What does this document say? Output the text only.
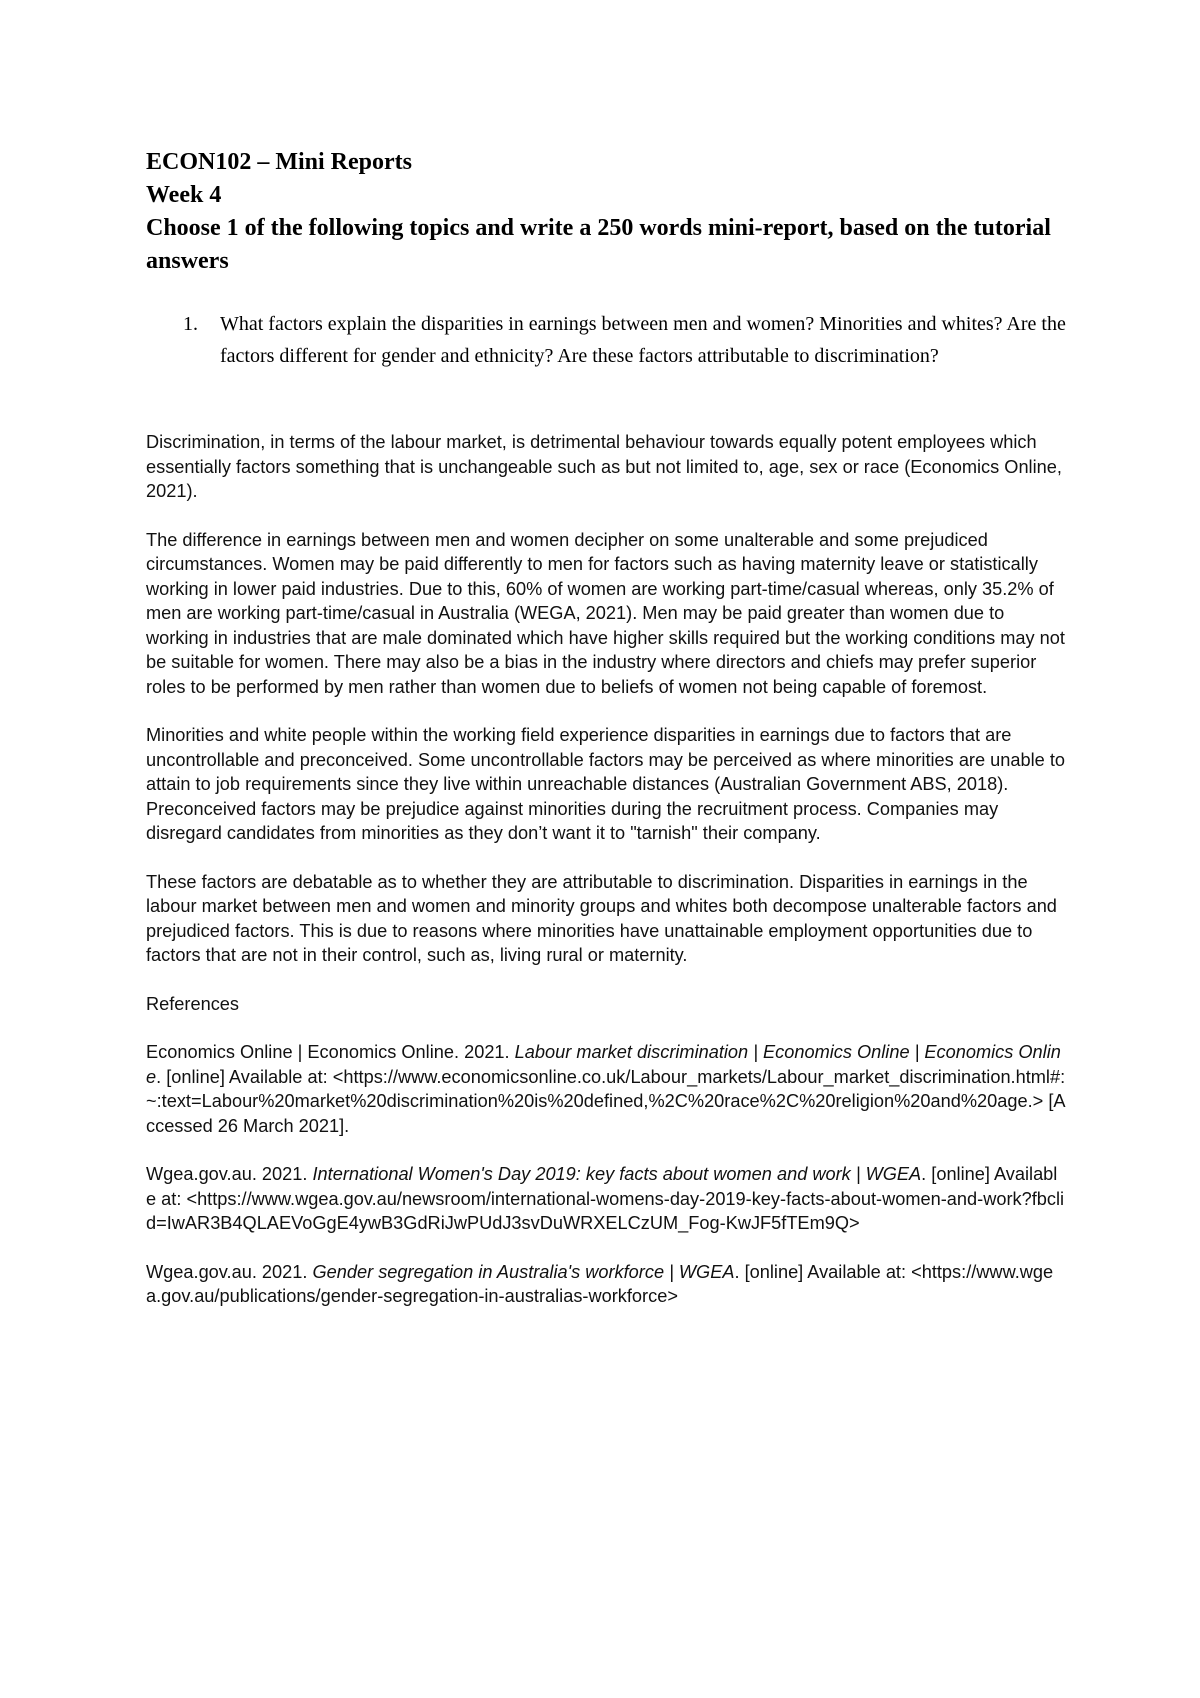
ECON102 – Mini Reports
Week 4
Choose 1 of the following topics and write a 250 words mini-report, based on the tutorial answers
1.	What factors explain the disparities in earnings between men and women? Minorities and whites? Are the factors different for gender and ethnicity? Are these factors attributable to discrimination?

Discrimination, in terms of the labour market, is detrimental behaviour towards equally potent employees which essentially factors something that is unchangeable such as but not limited to, age, sex or race (Economics Online, 2021).

The difference in earnings between men and women decipher on some unalterable and some prejudiced circumstances. Women may be paid differently to men for factors such as having maternity leave or statistically working in lower paid industries. Due to this, 60% of women are working part-time/casual whereas, only 35.2% of men are working part-time/casual in Australia (WEGA, 2021). Men may be paid greater than women due to working in industries that are male dominated which have higher skills required but the working conditions may not be suitable for women. There may also be a bias in the industry where directors and chiefs may prefer superior roles to be performed by men rather than women due to beliefs of women not being capable of foremost.

Minorities and white people within the working field experience disparities in earnings due to factors that are uncontrollable and preconceived. Some uncontrollable factors may be perceived as where minorities are unable to attain to job requirements since they live within unreachable distances (Australian Government ABS, 2018). Preconceived factors may be prejudice against minorities during the recruitment process. Companies may disregard candidates from minorities as they don’t want it to "tarnish" their company.

These factors are debatable as to whether they are attributable to discrimination. Disparities in earnings in the labour market between men and women and minority groups and whites both decompose unalterable factors and prejudiced factors. This is due to reasons where minorities have unattainable employment opportunities due to factors that are not in their control, such as, living rural or maternity.

References

Economics Online | Economics Online. 2021. Labour market discrimination | Economics Online | Economics Online. [online] Available at: <https://www.economicsonline.co.uk/Labour_markets/Labour_market_discrimination.html#:~:text=Labour%20market%20discrimination%20is%20defined,%2C%20race%2C%20religion%20and%20age.> [Accessed 26 March 2021].

Wgea.gov.au. 2021. International Women's Day 2019: key facts about women and work | WGEA. [online] Available at: <https://www.wgea.gov.au/newsroom/international-womens-day-2019-key-facts-about-women-and-work?fbclid=IwAR3B4QLAEVoGgE4ywB3GdRiJwPUdJ3svDuWRXELCzUM_Fog-KwJF5fTEm9Q>

Wgea.gov.au. 2021. Gender segregation in Australia's workforce | WGEA. [online] Available at: <https://www.wgea.gov.au/publications/gender-segregation-in-australias-workforce>
